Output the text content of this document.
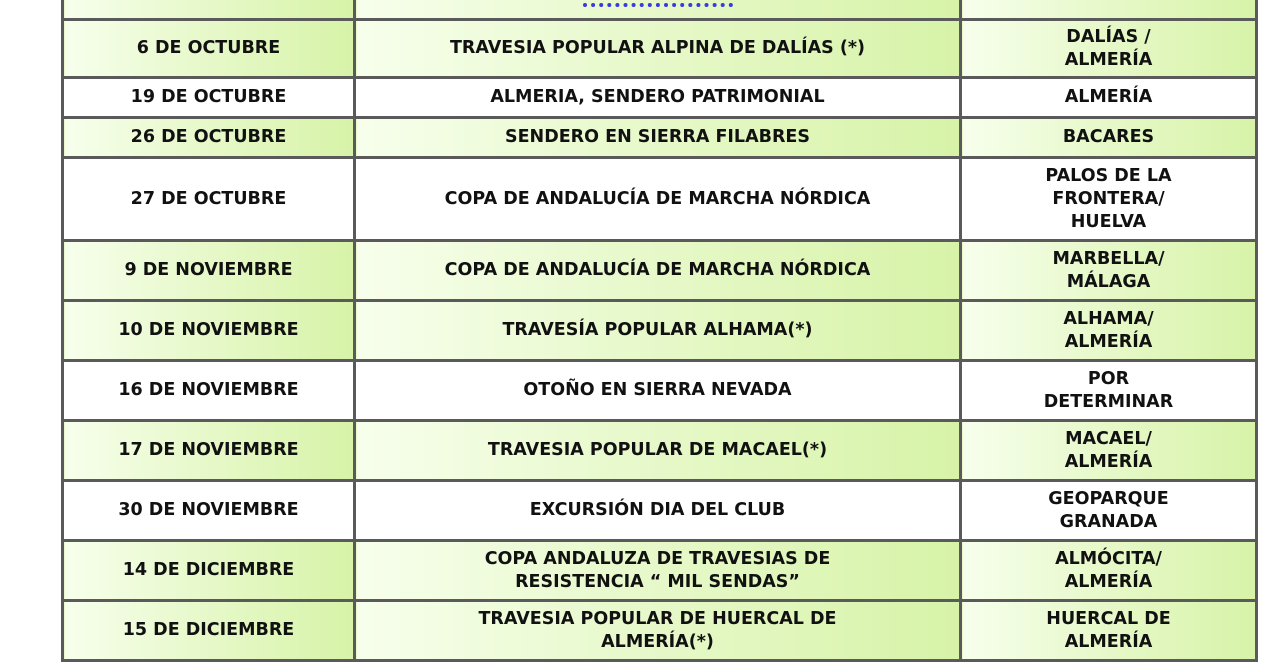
6 DE OCTUBRE	TRAVESIA POPULAR ALPINA DE DALÍAS (*)	DALÍAS /
ALMERÍA
19 DE OCTUBRE	ALMERIA, SENDERO PATRIMONIAL	ALMERÍA
26 DE OCTUBRE	SENDERO EN SIERRA FILABRES	BACARES
27 DE OCTUBRE	COPA DE ANDALUCÍA DE MARCHA NÓRDICA	PALOS DE LA
FRONTERA/
HUELVA
9 DE NOVIEMBRE	COPA DE ANDALUCÍA DE MARCHA NÓRDICA	MARBELLA/
MÁLAGA
10 DE NOVIEMBRE	TRAVESÍA POPULAR ALHAMA(*)	ALHAMA/
ALMERÍA
16 DE NOVIEMBRE	OTOÑO EN SIERRA NEVADA	POR
DETERMINAR
17 DE NOVIEMBRE	TRAVESIA POPULAR DE MACAEL(*)	MACAEL/
ALMERÍA
30 DE NOVIEMBRE	EXCURSIÓN DIA DEL CLUB	GEOPARQUE
GRANADA
14 DE DICIEMBRE	COPA ANDALUZA DE TRAVESIAS DE
RESISTENCIA “ MIL SENDAS”	ALMÓCITA/
ALMERÍA
15 DE DICIEMBRE	TRAVESIA POPULAR DE HUERCAL DE
ALMERÍA(*)	HUERCAL DE
ALMERÍA
